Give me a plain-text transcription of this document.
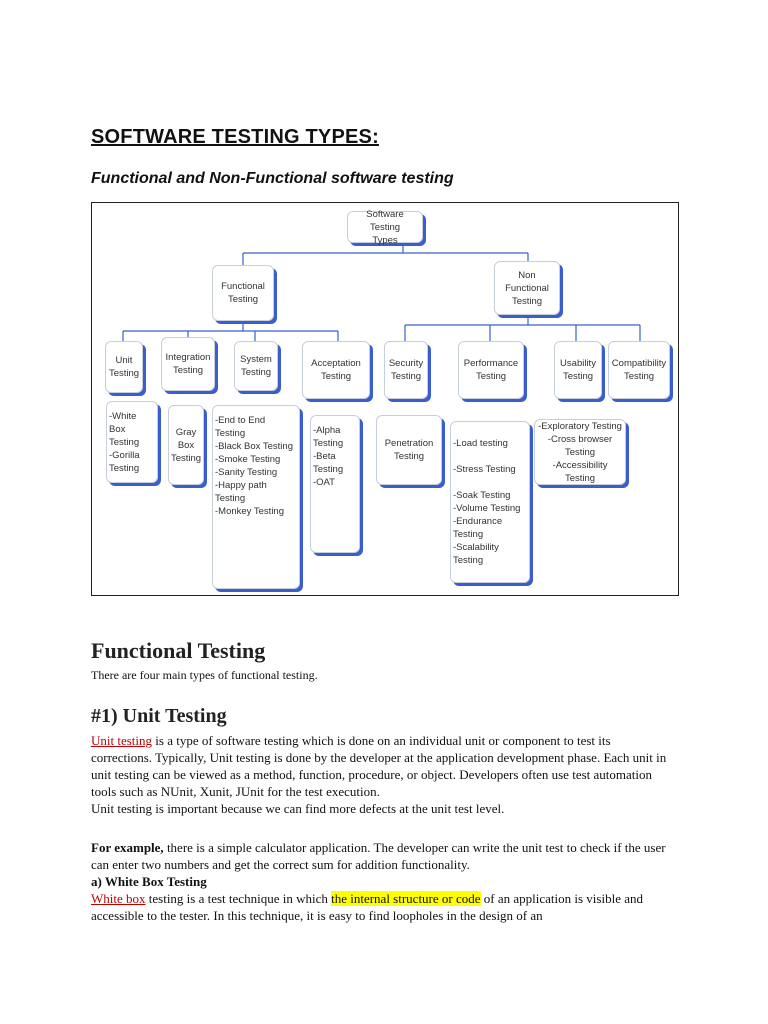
SOFTWARE TESTING TYPES:
Functional and Non-Functional software testing
Software Testing
Types
Functional
Testing
Non
Functional
Testing
Unit
Testing
Integration
Testing
System
Testing
Acceptation
Testing
Security
Testing
Performance
Testing
Usability
Testing
Compatibility
Testing
-White Box
Testing
-Gorilla
Testing
Gray
Box
Testing
-End to End Testing
-Black Box Testing
-Smoke Testing
-Sanity Testing
-Happy path Testing
-Monkey Testing
-Alpha
Testing
-Beta
Testing
-OAT
Penetration
Testing
-Load testing

-Stress Testing

-Soak Testing
-Volume Testing
-Endurance Testing
-Scalability Testing
-Exploratory Testing
-Cross browser
Testing
-Accessibility Testing
Functional Testing
There are four main types of functional testing.
#1) Unit Testing
Unit testing is a type of software testing which is done on an individual unit or component to test its corrections. Typically, Unit testing is done by the developer at the application development phase. Each unit in unit testing can be viewed as a method, function, procedure, or object. Developers often use test automation tools such as NUnit, Xunit, JUnit for the test execution.
Unit testing is important because we can find more defects at the unit test level.
For example, there is a simple calculator application. The developer can write the unit test to check if the user can enter two numbers and get the correct sum for addition functionality.
a) White Box Testing
White box testing is a test technique in which the internal structure or code of an application is visible and accessible to the tester. In this technique, it is easy to find loopholes in the design of an
